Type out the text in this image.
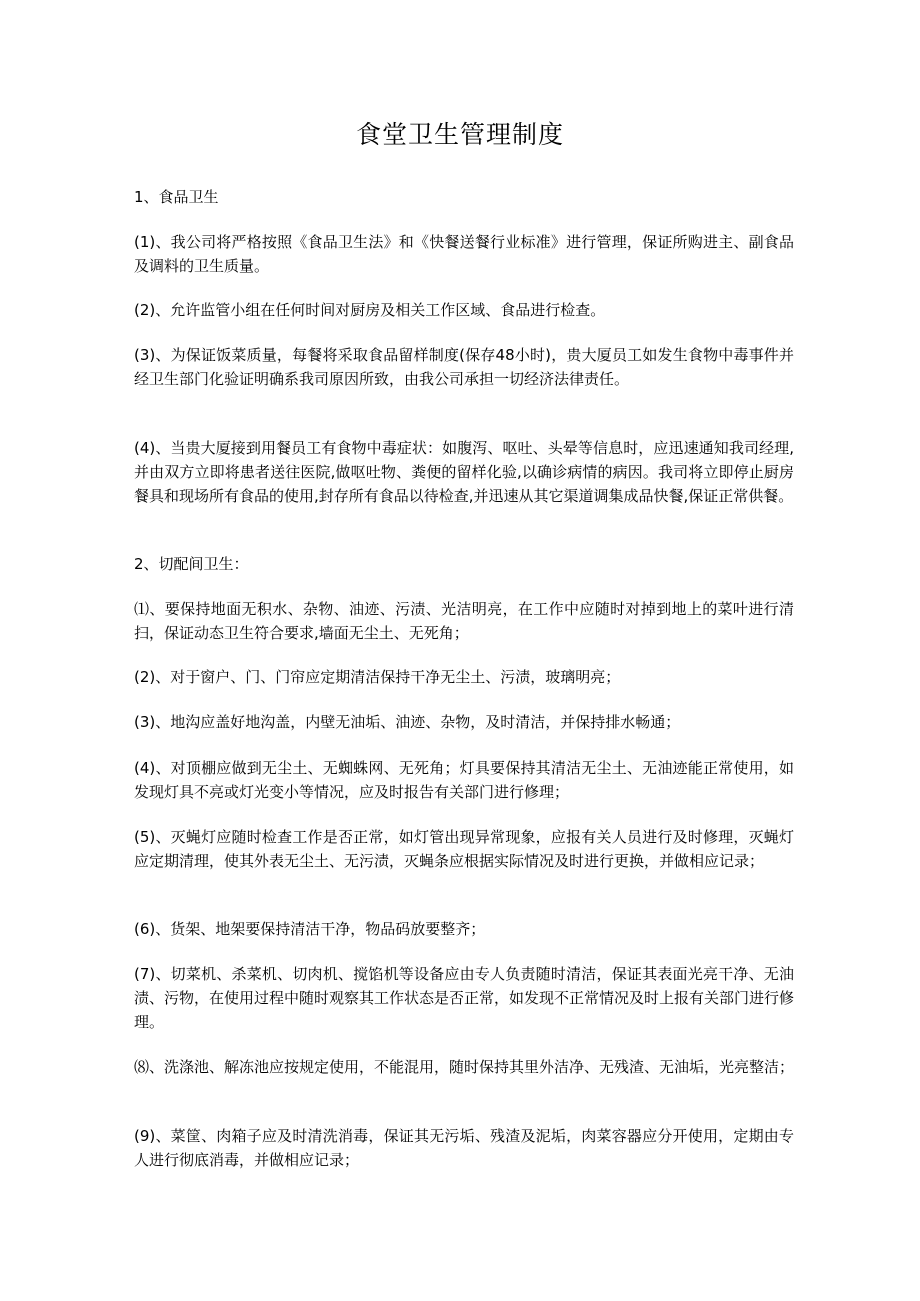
食堂卫生管理制度

1、食品卫生

(1)、我公司将严格按照《食品卫生法》和《快餐送餐行业标准》进行管理，保证所购进主、副食品及调料的卫生质量。

(2)、允许监管小组在任何时间对厨房及相关工作区域、食品进行检查。

(3)、为保证饭菜质量，每餐将采取食品留样制度(保存48小时)，贵大厦员工如发生食物中毒事件并经卫生部门化验证明确系我司原因所致，由我公司承担一切经济法律责任。

(4)、当贵大厦接到用餐员工有食物中毒症状：如腹泻、呕吐、头晕等信息时，应迅速通知我司经理,并由双方立即将患者送往医院,做呕吐物、粪便的留样化验,以确诊病情的病因。我司将立即停止厨房餐具和现场所有食品的使用,封存所有食品以待检查,并迅速从其它渠道调集成品快餐,保证正常供餐。

2、切配间卫生：

⑴、要保持地面无积水、杂物、油迹、污渍、光洁明亮，在工作中应随时对掉到地上的菜叶进行清扫，保证动态卫生符合要求,墙面无尘土、无死角；

(2)、对于窗户、门、门帘应定期清洁保持干净无尘土、污渍，玻璃明亮；

(3)、地沟应盖好地沟盖，内壁无油垢、油迹、杂物，及时清洁，并保持排水畅通；

(4)、对顶棚应做到无尘土、无蜘蛛网、无死角；灯具要保持其清洁无尘土、无油迹能正常使用，如发现灯具不亮或灯光变小等情况，应及时报告有关部门进行修理；

(5)、灭蝇灯应随时检查工作是否正常，如灯管出现异常现象，应报有关人员进行及时修理，灭蝇灯应定期清理，使其外表无尘土、无污渍，灭蝇条应根据实际情况及时进行更换，并做相应记录；

(6)、货架、地架要保持清洁干净，物品码放要整齐；

(7)、切菜机、杀菜机、切肉机、搅馅机等设备应由专人负责随时清洁，保证其表面光亮干净、无油渍、污物，在使用过程中随时观察其工作状态是否正常，如发现不正常情况及时上报有关部门进行修理。

⑻、洗涤池、解冻池应按规定使用，不能混用，随时保持其里外洁净、无残渣、无油垢，光亮整洁；

(9)、菜筐、肉箱子应及时清洗消毒，保证其无污垢、残渣及泥垢，肉菜容器应分开使用，定期由专人进行彻底消毒，并做相应记录；
